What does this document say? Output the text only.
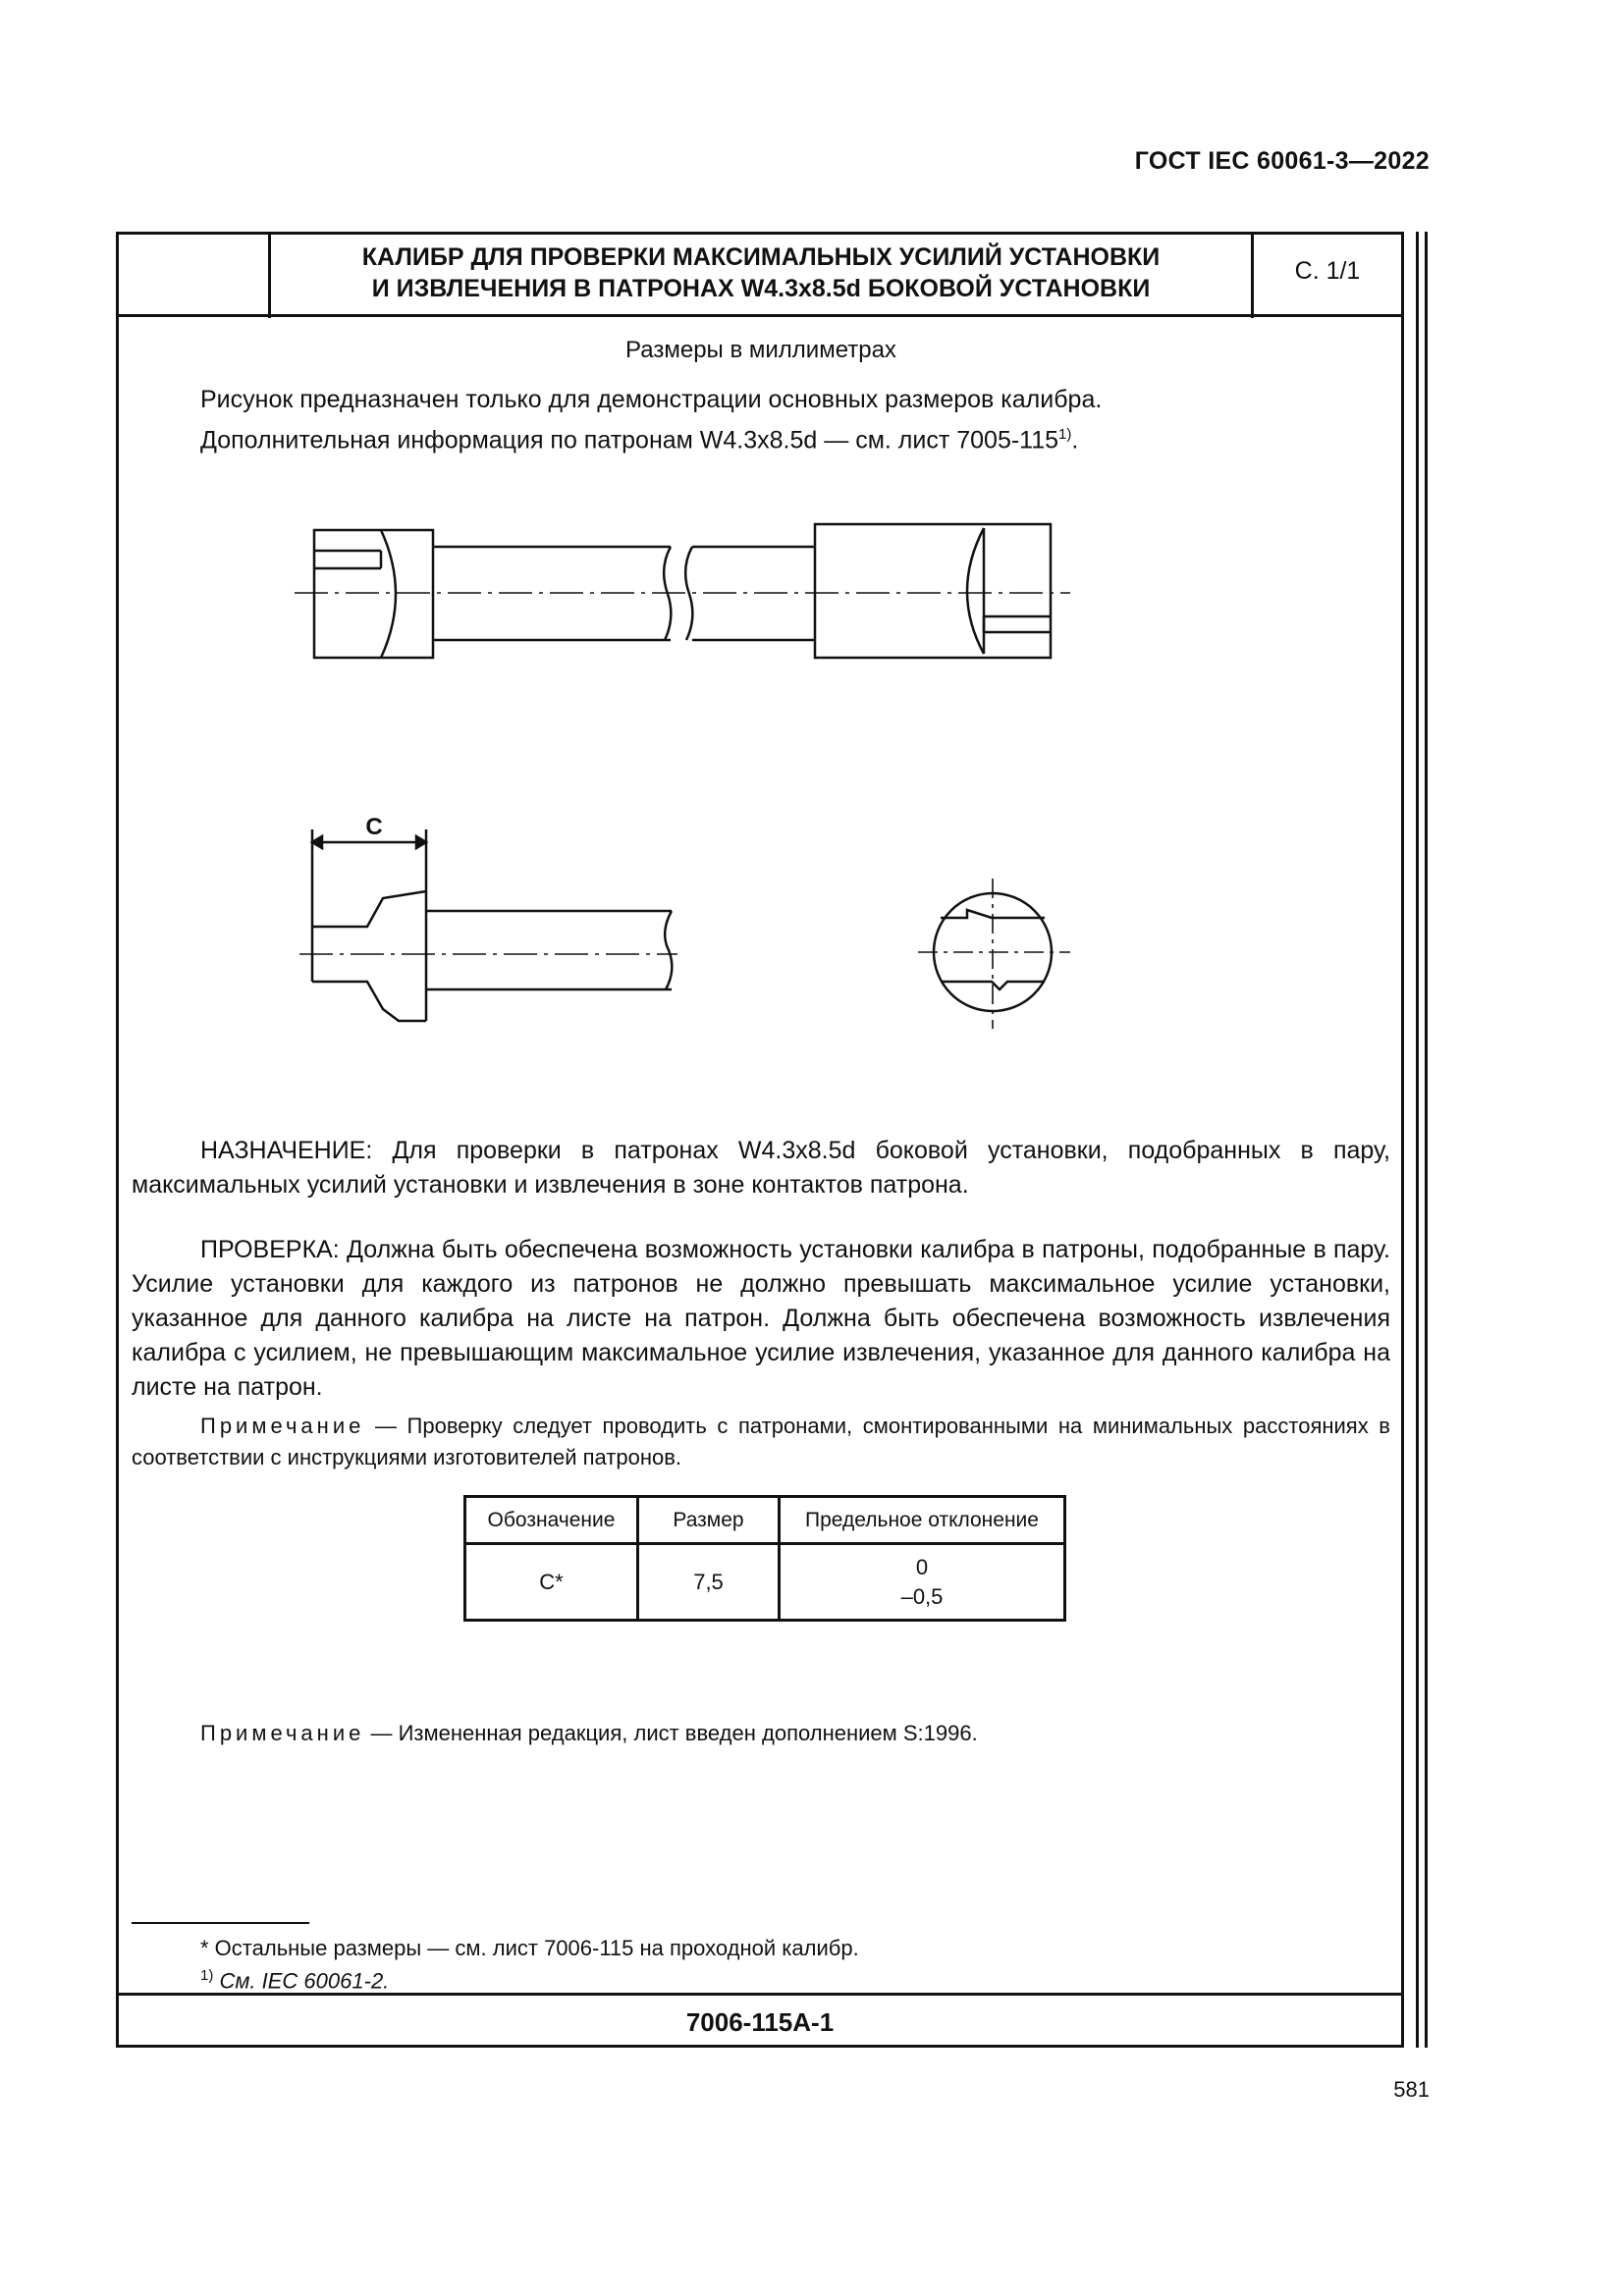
ГОСТ IEC 60061-3—2022
КАЛИБР ДЛЯ ПРОВЕРКИ МАКСИМАЛЬНЫХ УСИЛИЙ УСТАНОВКИ
И ИЗВЛЕЧЕНИЯ В ПАТРОНАХ W4.3x8.5d БОКОВОЙ УСТАНОВКИ
С. 1/1
Размеры в миллиметрах
Рисунок предназначен только для демонстрации основных размеров калибра.
Дополнительная информация по патронам W4.3x8.5d — см. лист 7005-115$^{1)}$.
C
НАЗНАЧЕНИЕ: Для проверки в патронах W4.3x8.5d боковой установки, подобранных в пару, максимальных усилий установки и извлечения в зоне контактов патрона.
ПРОВЕРКА: Должна быть обеспечена возможность установки калибра в патроны, подобранные в пару. Усилие установки для каждого из патронов не должно превышать максимальное усилие установки, указанное для данного калибра на листе на патрон. Должна быть обеспечена возможность извлечения калибра с усилием, не превышающим максимальное усилие извлечения, указанное для данного калибра на листе на патрон.
Примечание — Проверку следует проводить с патронами, смонтированными на минимальных расстояниях в соответствии с инструкциями изготовителей патронов.
Обозначение	Размер	Предельное отклонение
C*	7,5	0
–0,5
Примечание — Измененная редакция, лист введен дополнением S:1996.
* Остальные размеры — см. лист 7006-115 на проходной калибр.
$^{1)}$ См. IEC 60061-2.
7006-115A-1
581
